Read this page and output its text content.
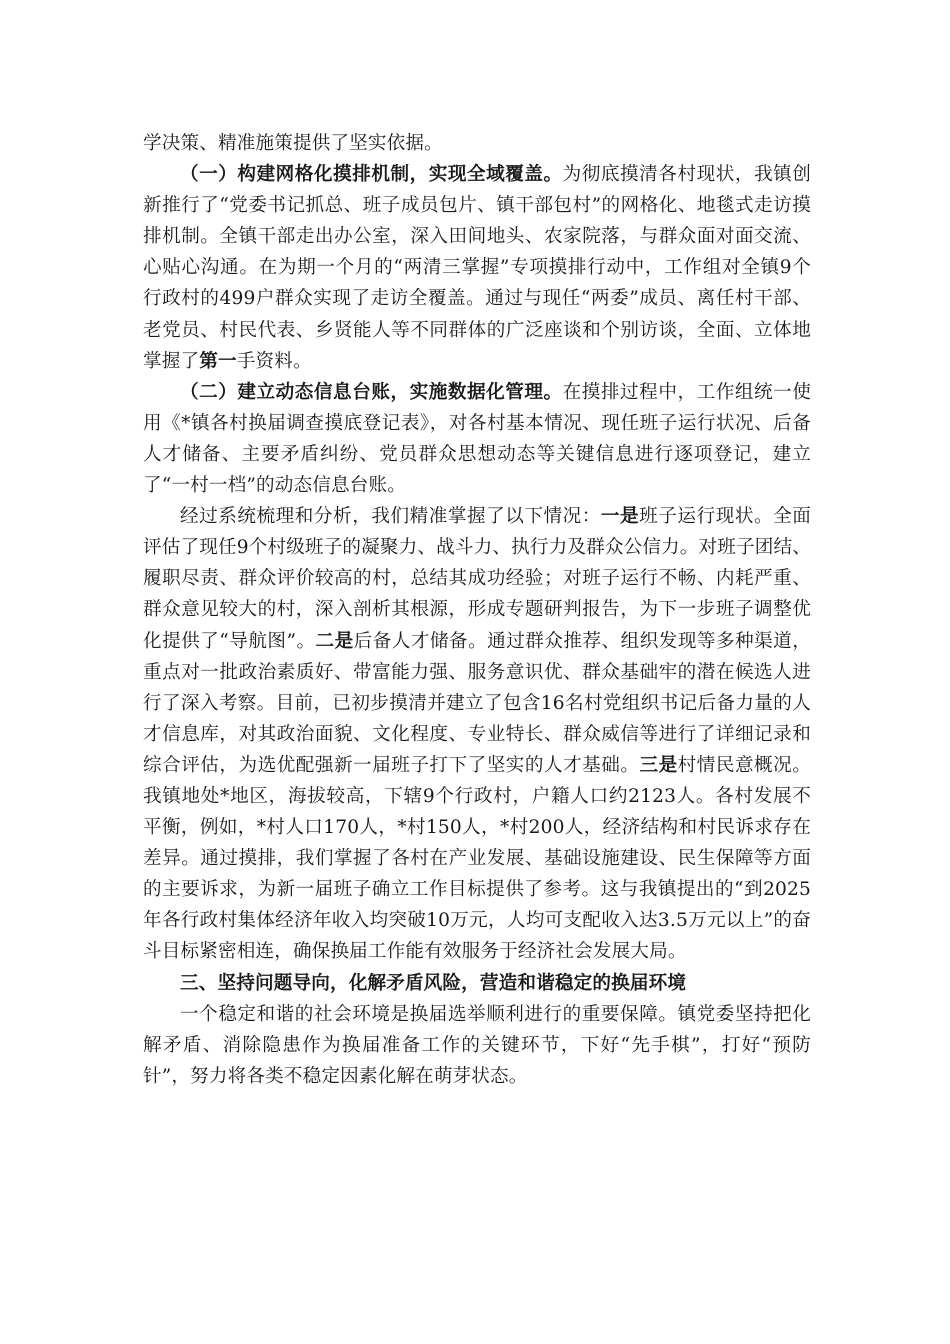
学决策、精准施策提供了坚实依据。

（一）构建网格化摸排机制，实现全域覆盖。为彻底摸清各村现状，我镇创新推行了“党委书记抓总、班子成员包片、镇干部包村”的网格化、地毯式走访摸排机制。全镇干部走出办公室，深入田间地头、农家院落，与群众面对面交流、心贴心沟通。在为期一个月的“两清三掌握”专项摸排行动中，工作组对全镇9个行政村的499户群众实现了走访全覆盖。通过与现任“两委”成员、离任村干部、老党员、村民代表、乡贤能人等不同群体的广泛座谈和个别访谈，全面、立体地掌握了第一手资料。

（二）建立动态信息台账，实施数据化管理。在摸排过程中，工作组统一使用《*镇各村换届调查摸底登记表》，对各村基本情况、现任班子运行状况、后备人才储备、主要矛盾纠纷、党员群众思想动态等关键信息进行逐项登记，建立了“一村一档”的动态信息台账。

经过系统梳理和分析，我们精准掌握了以下情况：一是班子运行现状。全面评估了现任9个村级班子的凝聚力、战斗力、执行力及群众公信力。对班子团结、履职尽责、群众评价较高的村，总结其成功经验；对班子运行不畅、内耗严重、群众意见较大的村，深入剖析其根源，形成专题研判报告，为下一步班子调整优化提供了“导航图”。二是后备人才储备。通过群众推荐、组织发现等多种渠道，重点对一批政治素质好、带富能力强、服务意识优、群众基础牢的潜在候选人进行了深入考察。目前，已初步摸清并建立了包含16名村党组织书记后备力量的人才信息库，对其政治面貌、文化程度、专业特长、群众威信等进行了详细记录和综合评估，为选优配强新一届班子打下了坚实的人才基础。三是村情民意概况。我镇地处*地区，海拔较高，下辖9个行政村，户籍人口约2123人。各村发展不平衡，例如，*村人口170人，*村150人，*村200人，经济结构和村民诉求存在差异。通过摸排，我们掌握了各村在产业发展、基础设施建设、民生保障等方面的主要诉求，为新一届班子确立工作目标提供了参考。这与我镇提出的“到2025年各行政村集体经济年收入均突破10万元，人均可支配收入达3.5万元以上”的奋斗目标紧密相连，确保换届工作能有效服务于经济社会发展大局。

三、坚持问题导向，化解矛盾风险，营造和谐稳定的换届环境

一个稳定和谐的社会环境是换届选举顺利进行的重要保障。镇党委坚持把化解矛盾、消除隐患作为换届准备工作的关键环节，下好“先手棋”，打好“预防针”，努力将各类不稳定因素化解在萌芽状态。
